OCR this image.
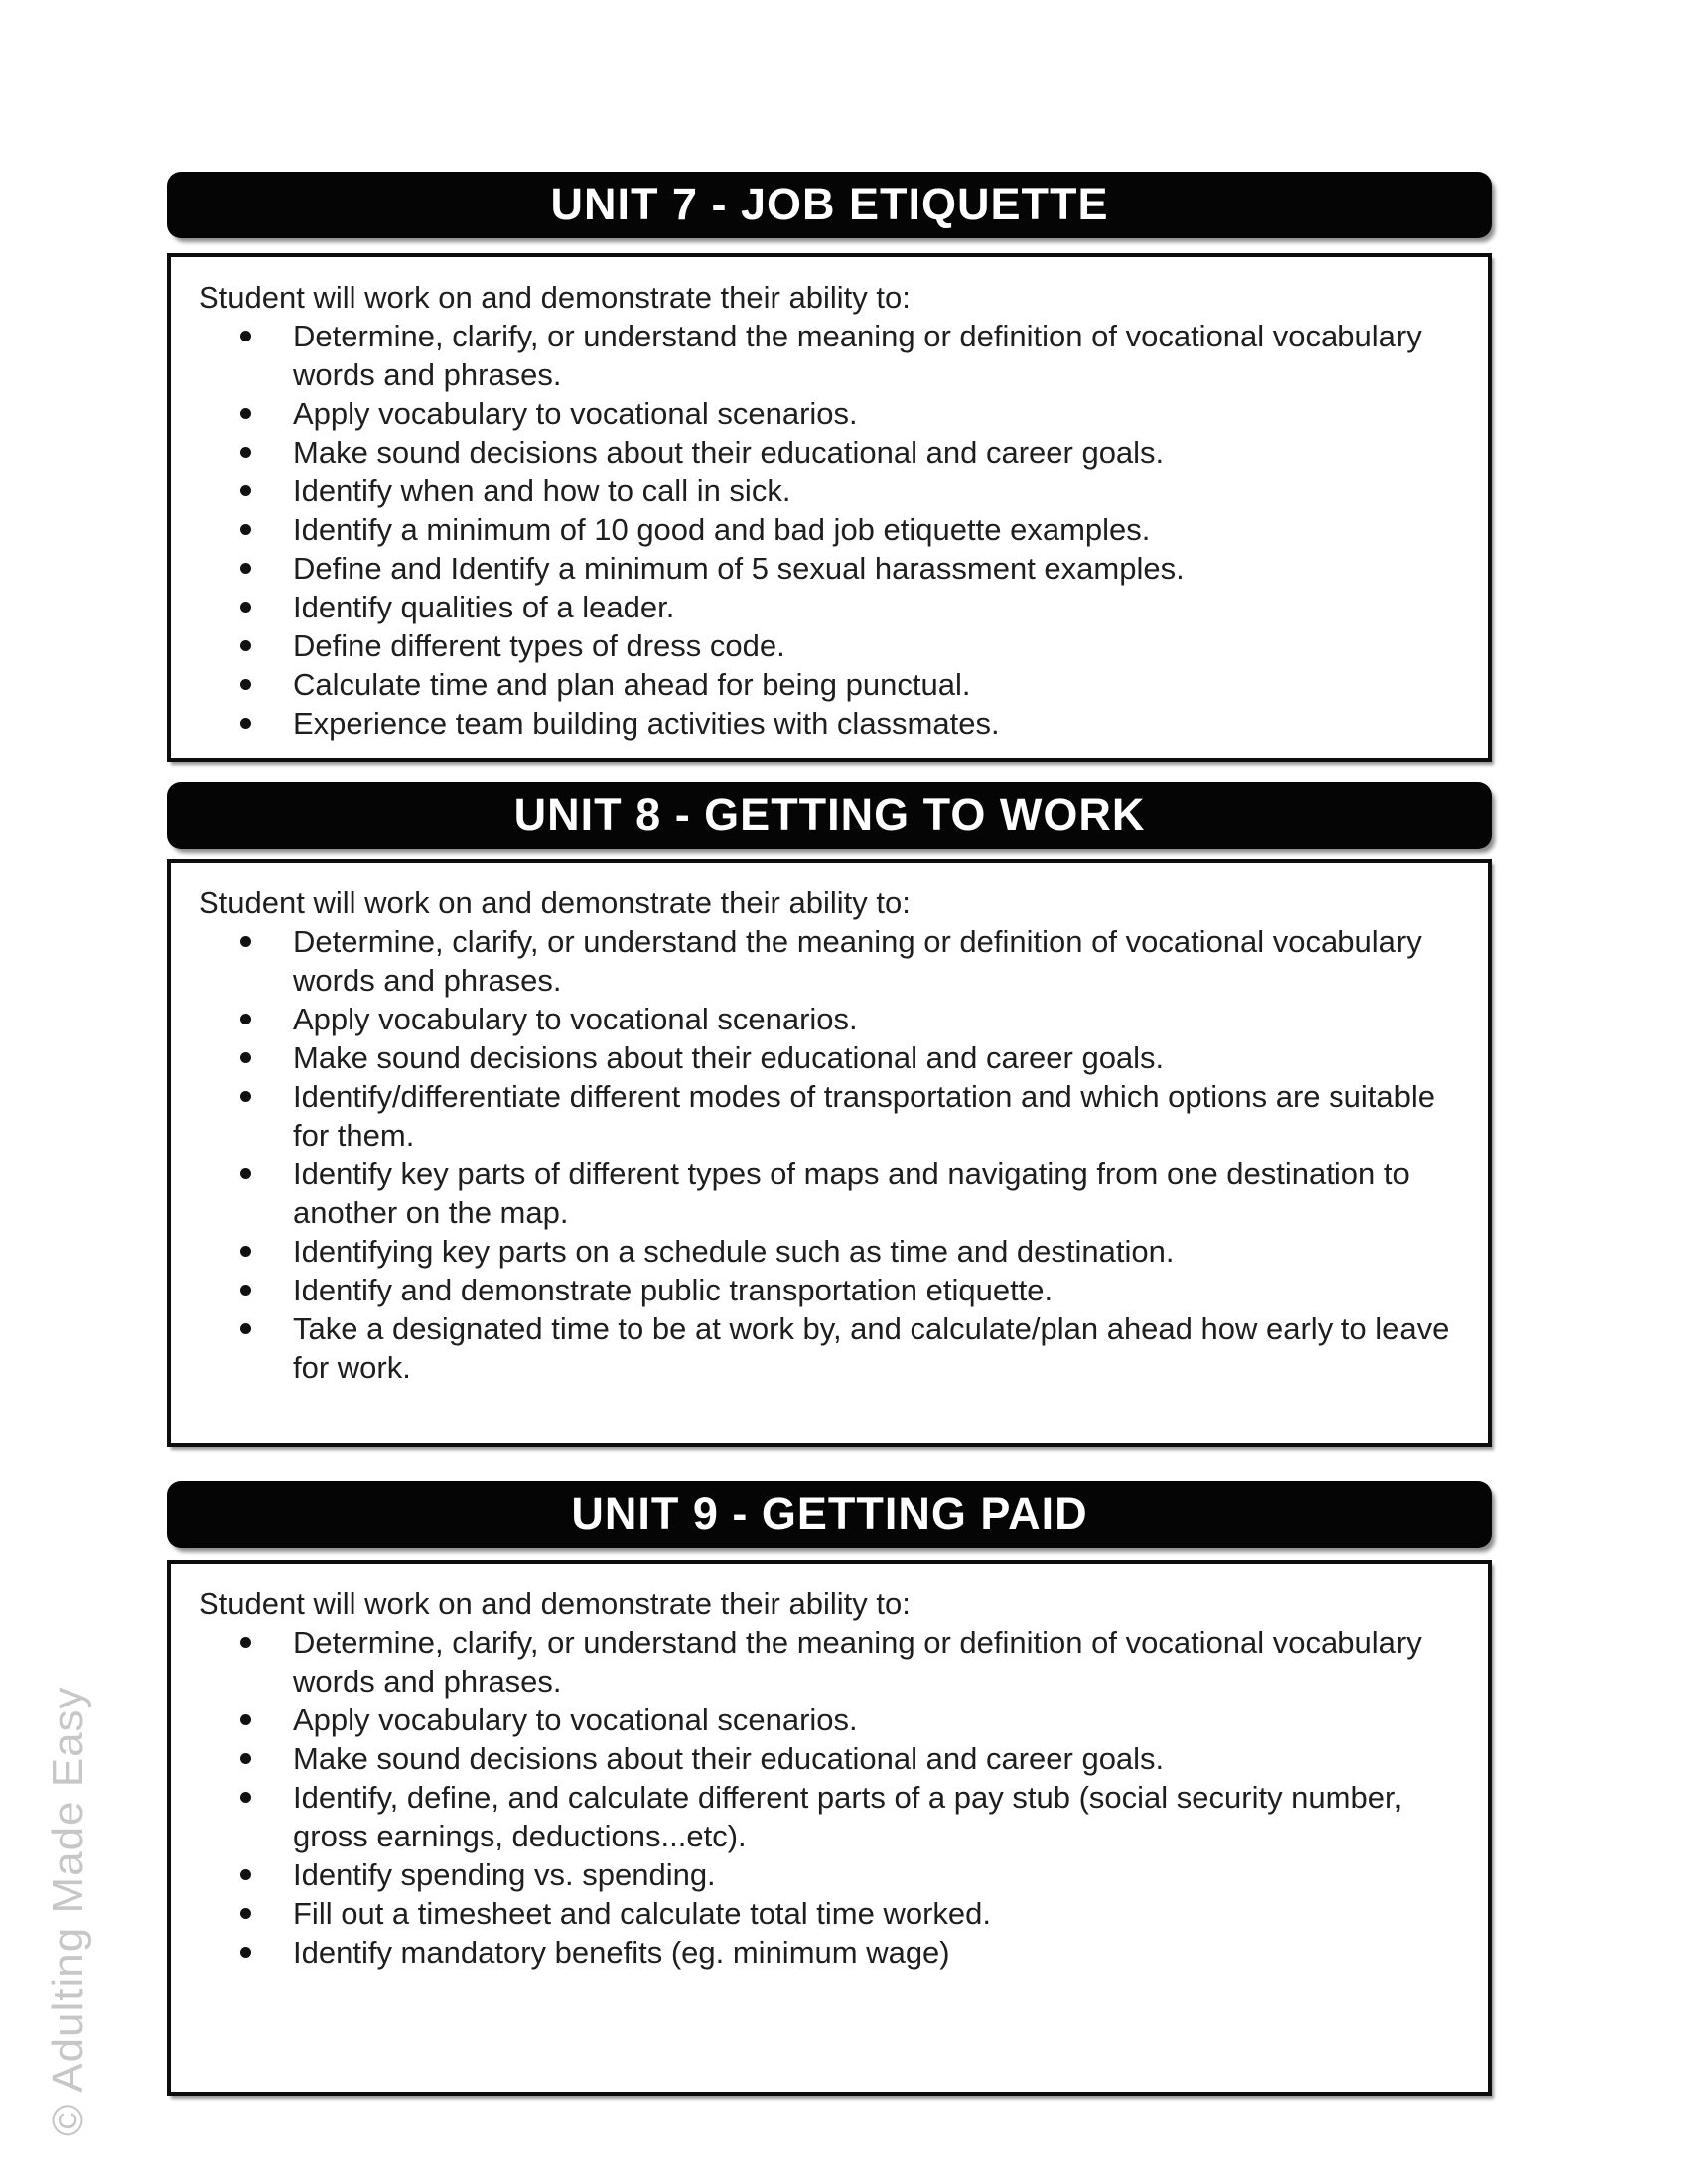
© Adulting Made Easy
UNIT 7 - JOB ETIQUETTE

Student will work on and demonstrate their ability to:

Determine, clarify, or understand the meaning or definition of vocational vocabulary words and phrases.
Apply vocabulary to vocational scenarios.
Make sound decisions about their educational and career goals.
Identify when and how to call in sick.
Identify a minimum of 10 good and bad job etiquette examples.
Define and Identify a minimum of 5 sexual harassment examples.
Identify qualities of a leader.
Define different types of dress code.
Calculate time and plan ahead for being punctual.
Experience team building activities with classmates.
UNIT 8 - GETTING TO WORK

Student will work on and demonstrate their ability to:

Determine, clarify, or understand the meaning or definition of vocational vocabulary words and phrases.
Apply vocabulary to vocational scenarios.
Make sound decisions about their educational and career goals.
Identify/differentiate different modes of transportation and which options are suitable for them.
Identify key parts of different types of maps and navigating from one destination to another on the map.
Identifying key parts on a schedule such as time and destination.
Identify and demonstrate public transportation etiquette.
Take a designated time to be at work by, and calculate/plan ahead how early to leave for work.
UNIT 9 - GETTING PAID

Student will work on and demonstrate their ability to:

Determine, clarify, or understand the meaning or definition of vocational vocabulary words and phrases.
Apply vocabulary to vocational scenarios.
Make sound decisions about their educational and career goals.
Identify, define, and calculate different parts of a pay stub (social security number, gross earnings, deductions...etc).
Identify spending vs. spending.
Fill out a timesheet and calculate total time worked.
Identify mandatory benefits (eg. minimum wage)
